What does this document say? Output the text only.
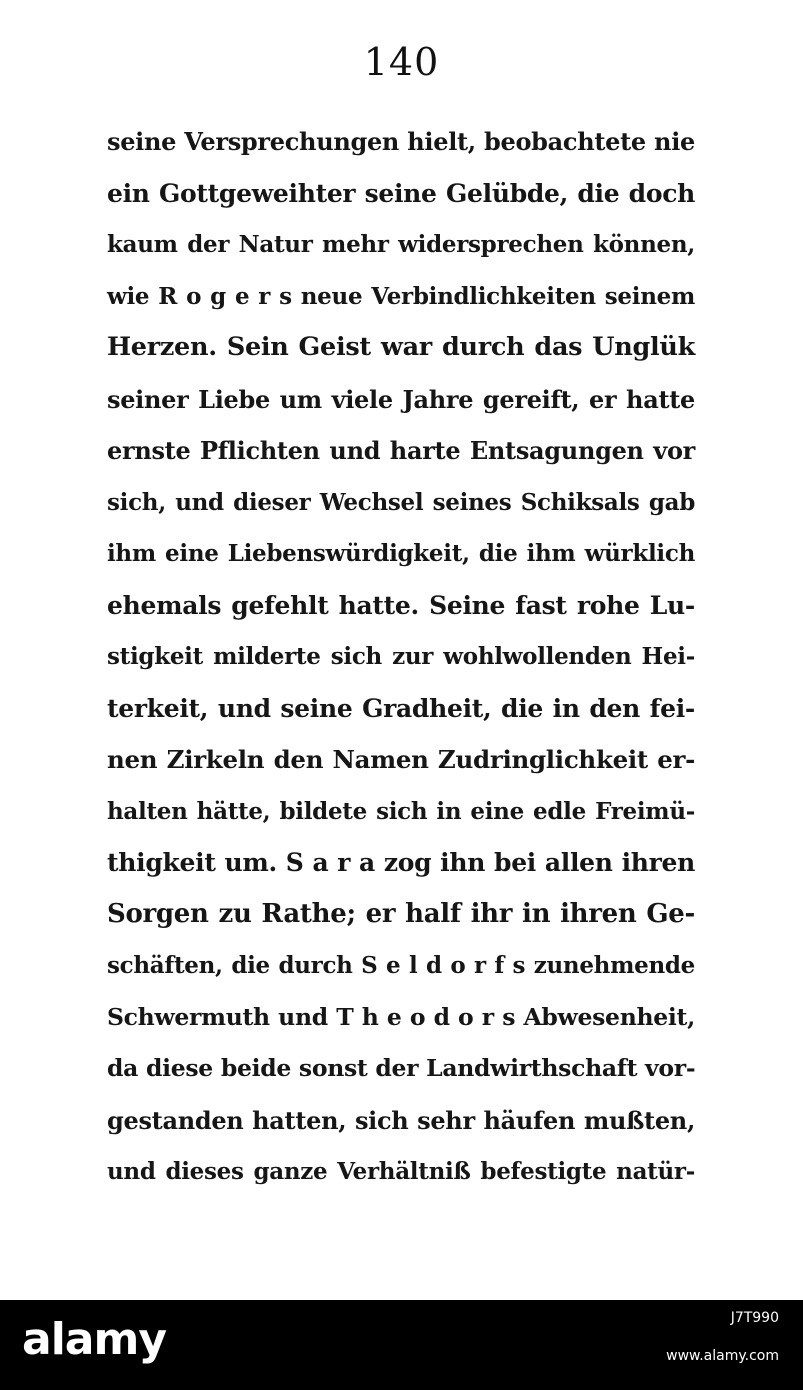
140
seine Versprechungen hielt, beobachtete nie
ein Gottgeweihter seine Gelübde, die doch
kaum der Natur mehr widersprechen können,
wie R o g e r s neue Verbindlichkeiten seinem
Herzen. Sein Geist war durch das Unglük
seiner Liebe um viele Jahre gereift, er hatte
ernste Pflichten und harte Entsagungen vor
sich, und dieser Wechsel seines Schiksals gab
ihm eine Liebenswürdigkeit, die ihm würklich
ehemals gefehlt hatte. Seine fast rohe Lu-
stigkeit milderte sich zur wohlwollenden Hei-
terkeit, und seine Gradheit, die in den fei-
nen Zirkeln den Namen Zudringlichkeit er-
halten hätte, bildete sich in eine edle Freimü-
thigkeit um. S a r a zog ihn bei allen ihren
Sorgen zu Rathe; er half ihr in ihren Ge-
schäften, die durch S e l d o r f s zunehmende
Schwermuth und T h e o d o r s Abwesenheit,
da diese beide sonst der Landwirthschaft vor-
gestanden hatten, sich sehr häufen mußten,
und dieses ganze Verhältniß befestigte natür-
alamy	J7T990
www.alamy.com
